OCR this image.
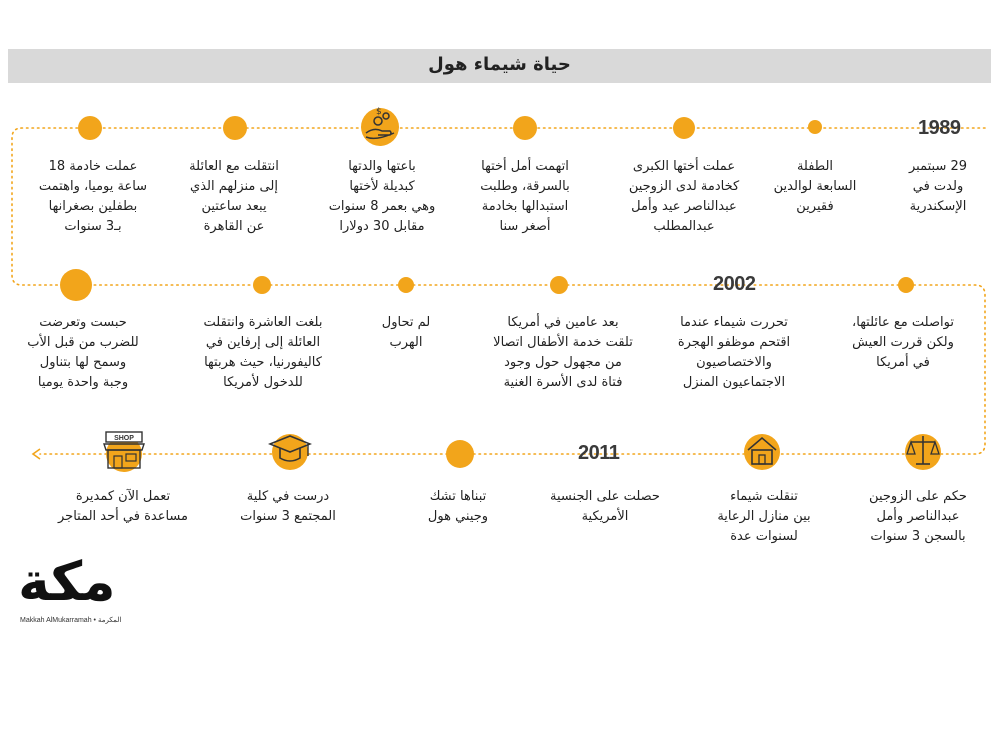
حياة شيماء هول
1989
29 سبتمبر
ولدت في
الإسكندرية
الطفلة
السابعة لوالدين
فقيرين
عملت أختها الكبرى
كخادمة لدى الزوجين
عبدالناصر عيد وأمل
عبدالمطلب
اتهمت أمل أختها
بالسرقة، وطلبت
استبدالها بخادمة
أصغر سنا
$
باعتها والدتها
كبديلة لأختها
وهي بعمر 8 سنوات
مقابل 30 دولارا
انتقلت مع العائلة
إلى منزلهم الذي
يبعد ساعتين
عن القاهرة
عملت خادمة 18
ساعة يوميا، واهتمت
بطفلين بصغرانها
بـ3 سنوات
تواصلت مع عائلتها،
ولكن قررت العيش
في أمريكا
2002
تحررت شيماء عندما
اقتحم موظفو الهجرة
والاختصاصيون
الاجتماعيون المنزل
بعد عامين في أمريكا
تلقت خدمة الأطفال اتصالا
من مجهول حول وجود
فتاة لدى الأسرة الغنية
لم تحاول
الهرب
بلغت العاشرة وانتقلت
العائلة إلى إرفاين في
كاليفورنيا، حيث هربتها
للدخول لأمريكا
حبست وتعرضت
للضرب من قبل الأب
وسمح لها بتناول
وجبة واحدة يوميا
حكم على الزوجين
عبدالناصر وأمل
بالسجن 3 سنوات
تنقلت شيماء
بين منازل الرعاية
لسنوات عدة
2011
حصلت على الجنسية
الأمريكية
تبناها تشك
وجيني هول
درست في كلية
المجتمع 3 سنوات
SHOP
تعمل الآن كمديرة
مساعدة في أحد المتاجر
مكة
Makkah AlMukarramah • المكرمة
